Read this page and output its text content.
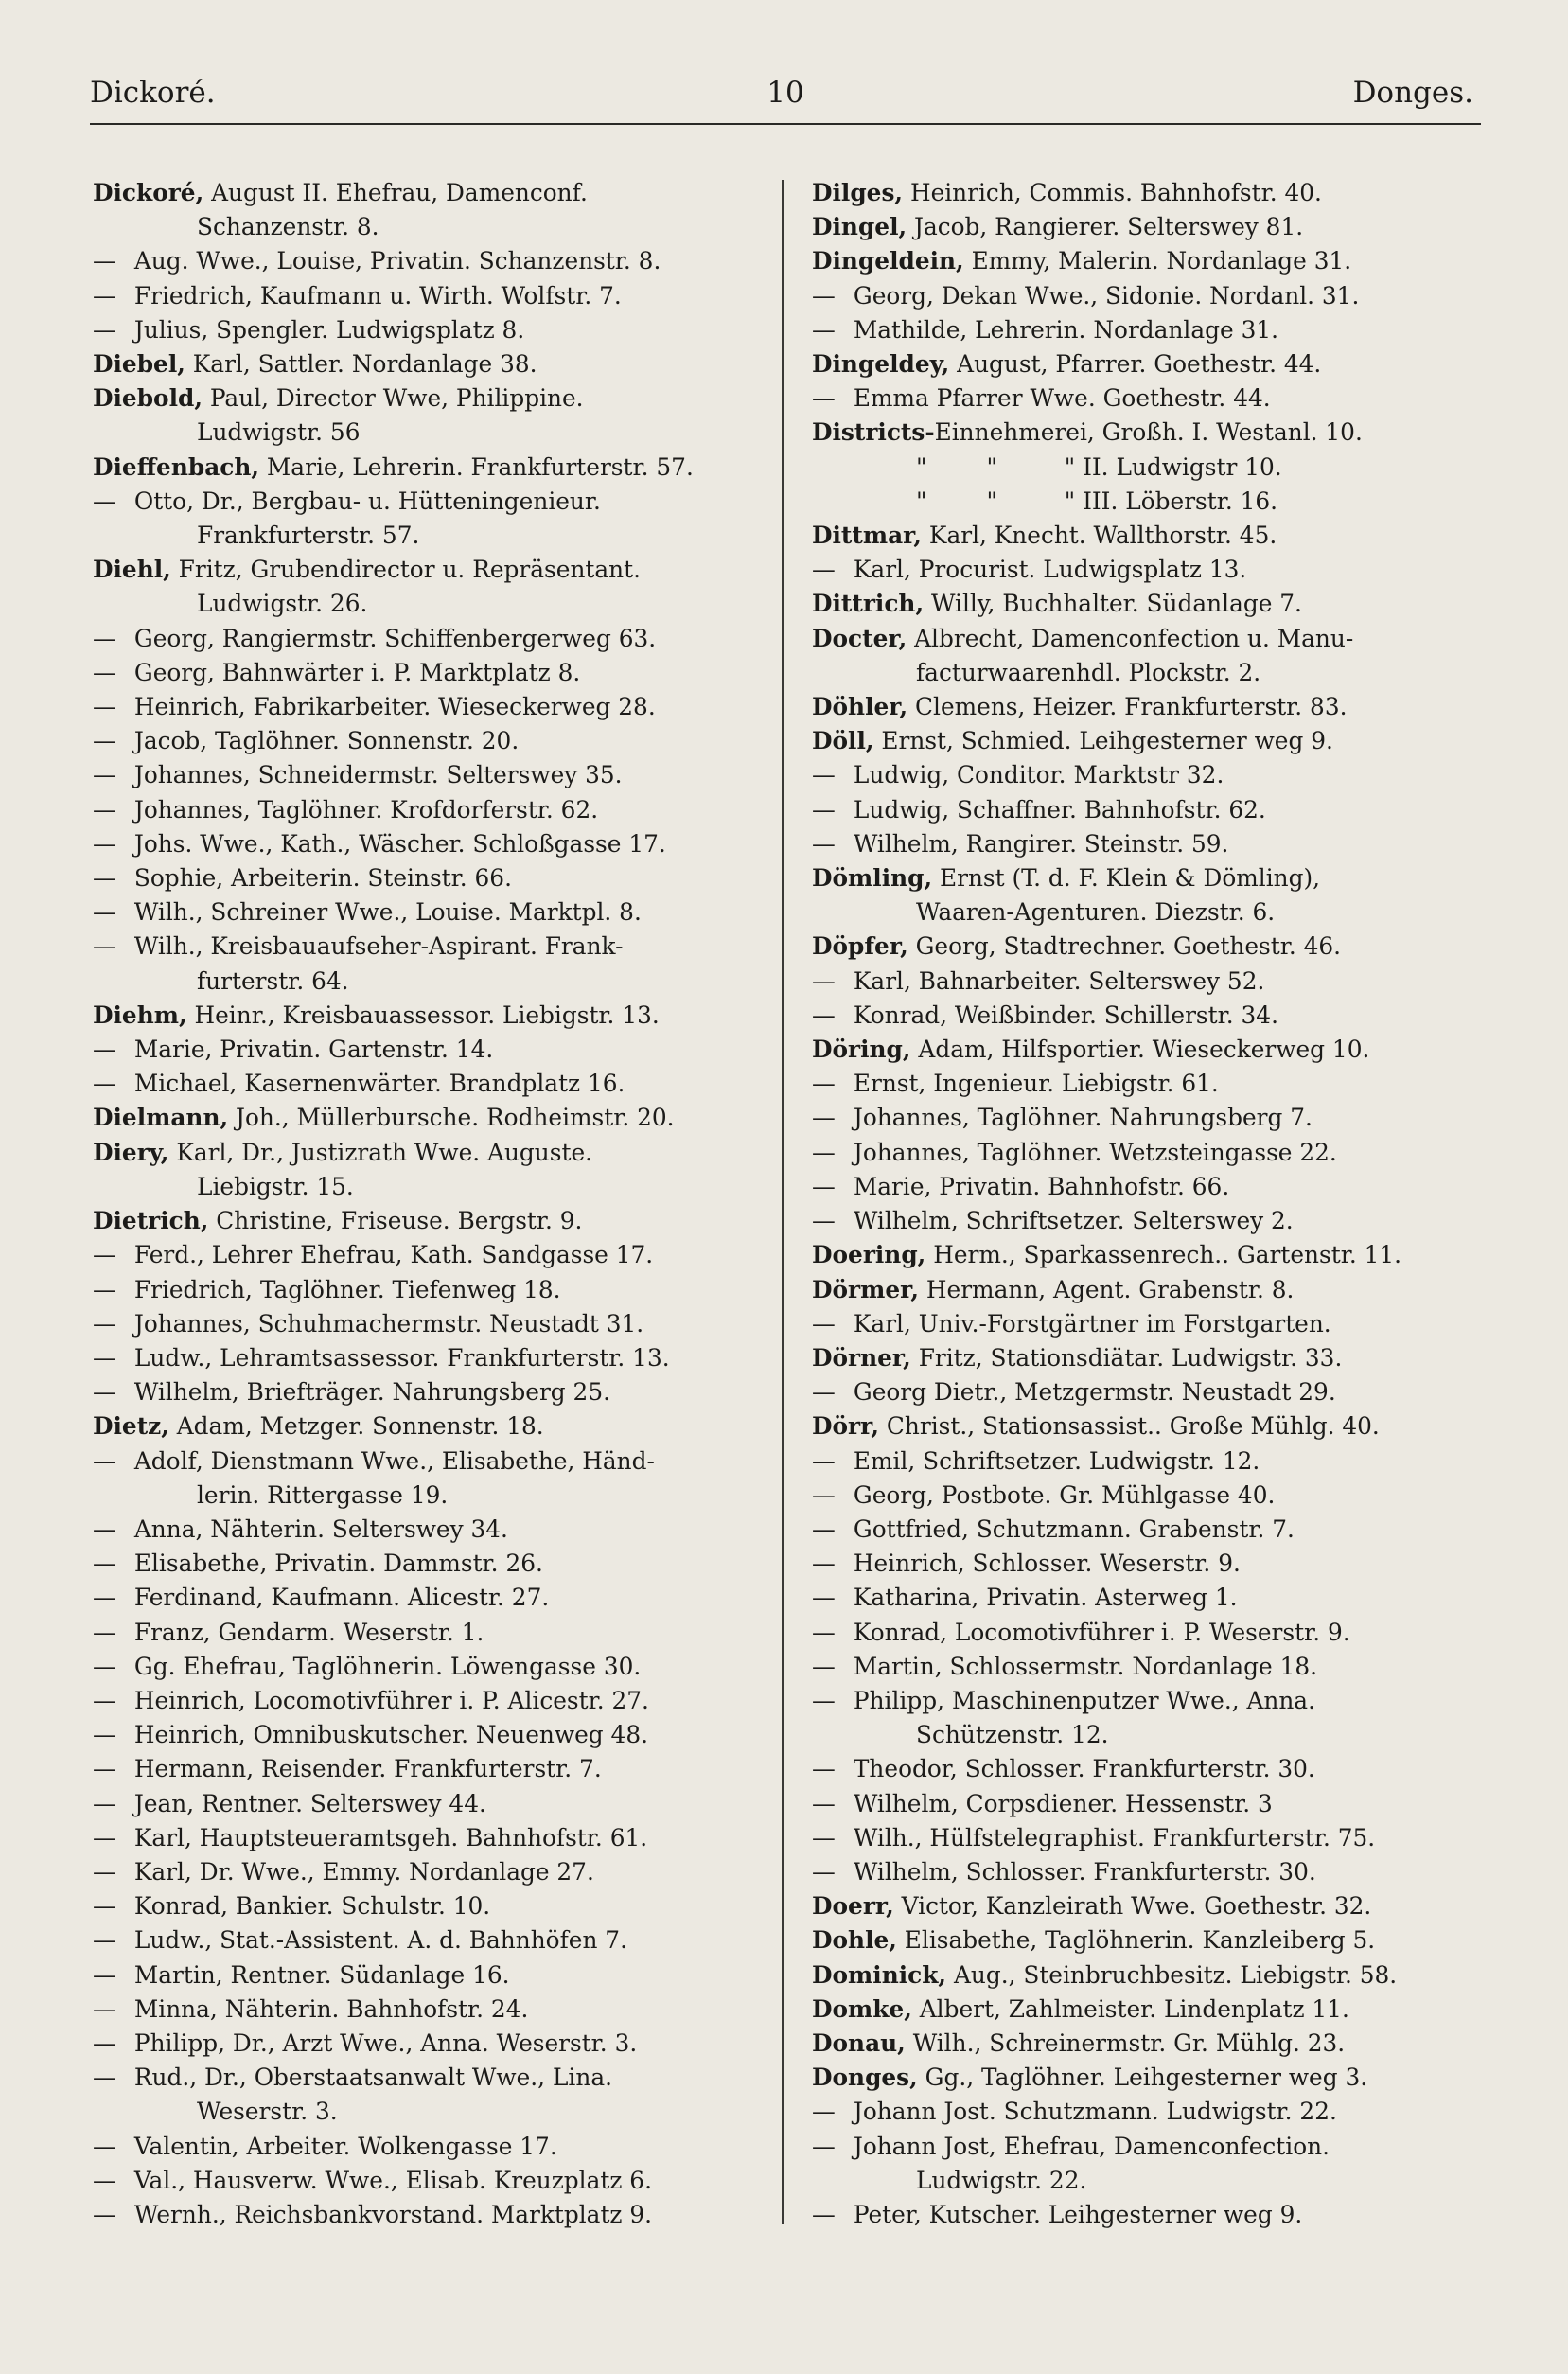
Dickoré.	10	Donges.
Dickoré, August II. Ehefrau, Damenconf.
Schanzenstr. 8.
— Aug. Wwe., Louise, Privatin. Schanzenstr. 8.
— Friedrich, Kaufmann u. Wirth. Wolfstr. 7.
— Julius, Spengler. Ludwigsplatz 8.
Diebel, Karl, Sattler. Nordanlage 38.
Diebold, Paul, Director Wwe, Philippine.
Ludwigstr. 56
Dieffenbach, Marie, Lehrerin. Frankfurterstr. 57.
— Otto, Dr., Bergbau- u. Hütteningenieur.
Frankfurterstr. 57.
Diehl, Fritz, Grubendirector u. Repräsentant.
Ludwigstr. 26.
— Georg, Rangiermstr. Schiffenbergerweg 63.
— Georg, Bahnwärter i. P. Marktplatz 8.
— Heinrich, Fabrikarbeiter. Wieseckerweg 28.
— Jacob, Taglöhner. Sonnenstr. 20.
— Johannes, Schneidermstr. Selterswey 35.
— Johannes, Taglöhner. Krofdorferstr. 62.
— Johs. Wwe., Kath., Wäscher. Schloßgasse 17.
— Sophie, Arbeiterin. Steinstr. 66.
— Wilh., Schreiner Wwe., Louise. Marktpl. 8.
— Wilh., Kreisbauaufseher-Aspirant. Frank-
furterstr. 64.
Diehm, Heinr., Kreisbauassessor. Liebigstr. 13.
— Marie, Privatin. Gartenstr. 14.
— Michael, Kasernenwärter. Brandplatz 16.
Dielmann, Joh., Müllerbursche. Rodheimstr. 20.
Diery, Karl, Dr., Justizrath Wwe. Auguste.
Liebigstr. 15.
Dietrich, Christine, Friseuse. Bergstr. 9.
— Ferd., Lehrer Ehefrau, Kath. Sandgasse 17.
— Friedrich, Taglöhner. Tiefenweg 18.
— Johannes, Schuhmachermstr. Neustadt 31.
— Ludw., Lehramtsassessor. Frankfurterstr. 13.
— Wilhelm, Briefträger. Nahrungsberg 25.
Dietz, Adam, Metzger. Sonnenstr. 18.
— Adolf, Dienstmann Wwe., Elisabethe, Händ-
lerin. Rittergasse 19.
— Anna, Nähterin. Selterswey 34.
— Elisabethe, Privatin. Dammstr. 26.
— Ferdinand, Kaufmann. Alicestr. 27.
— Franz, Gendarm. Weserstr. 1.
— Gg. Ehefrau, Taglöhnerin. Löwengasse 30.
— Heinrich, Locomotivführer i. P. Alicestr. 27.
— Heinrich, Omnibuskutscher. Neuenweg 48.
— Hermann, Reisender. Frankfurterstr. 7.
— Jean, Rentner. Selterswey 44.
— Karl, Hauptsteueramtsgeh. Bahnhofstr. 61.
— Karl, Dr. Wwe., Emmy. Nordanlage 27.
— Konrad, Bankier. Schulstr. 10.
— Ludw., Stat.-Assistent. A. d. Bahnhöfen 7.
— Martin, Rentner. Südanlage 16.
— Minna, Nähterin. Bahnhofstr. 24.
— Philipp, Dr., Arzt Wwe., Anna. Weserstr. 3.
— Rud., Dr., Oberstaatsanwalt Wwe., Lina.
Weserstr. 3.
— Valentin, Arbeiter. Wolkengasse 17.
— Val., Hausverw. Wwe., Elisab. Kreuzplatz 6.
— Wernh., Reichsbankvorstand. Marktplatz 9.
Dilges, Heinrich, Commis. Bahnhofstr. 40.
Dingel, Jacob, Rangierer. Selterswey 81.
Dingeldein, Emmy, Malerin. Nordanlage 31.
— Georg, Dekan Wwe., Sidonie. Nordanl. 31.
— Mathilde, Lehrerin. Nordanlage 31.
Dingeldey, August, Pfarrer. Goethestr. 44.
— Emma Pfarrer Wwe. Goethestr. 44.
Districts-Einnehmerei, Großh. I. Westanl. 10.
"        "         " II. Ludwigstr 10.
"        "         " III. Löberstr. 16.
Dittmar, Karl, Knecht. Wallthorstr. 45.
— Karl, Procurist. Ludwigsplatz 13.
Dittrich, Willy, Buchhalter. Südanlage 7.
Docter, Albrecht, Damenconfection u. Manu-
facturwaarenhdl. Plockstr. 2.
Döhler, Clemens, Heizer. Frankfurterstr. 83.
Döll, Ernst, Schmied. Leihgesterner weg 9.
— Ludwig, Conditor. Marktstr 32.
— Ludwig, Schaffner. Bahnhofstr. 62.
— Wilhelm, Rangirer. Steinstr. 59.
Dömling, Ernst (T. d. F. Klein & Dömling),
Waaren-Agenturen. Diezstr. 6.
Döpfer, Georg, Stadtrechner. Goethestr. 46.
— Karl, Bahnarbeiter. Selterswey 52.
— Konrad, Weißbinder. Schillerstr. 34.
Döring, Adam, Hilfsportier. Wieseckerweg 10.
— Ernst, Ingenieur. Liebigstr. 61.
— Johannes, Taglöhner. Nahrungsberg 7.
— Johannes, Taglöhner. Wetzsteingasse 22.
— Marie, Privatin. Bahnhofstr. 66.
— Wilhelm, Schriftsetzer. Selterswey 2.
Doering, Herm., Sparkassenrech.. Gartenstr. 11.
Dörmer, Hermann, Agent. Grabenstr. 8.
— Karl, Univ.-Forstgärtner im Forstgarten.
Dörner, Fritz, Stationsdiätar. Ludwigstr. 33.
— Georg Dietr., Metzgermstr. Neustadt 29.
Dörr, Christ., Stationsassist.. Große Mühlg. 40.
— Emil, Schriftsetzer. Ludwigstr. 12.
— Georg, Postbote. Gr. Mühlgasse 40.
— Gottfried, Schutzmann. Grabenstr. 7.
— Heinrich, Schlosser. Weserstr. 9.
— Katharina, Privatin. Asterweg 1.
— Konrad, Locomotivführer i. P. Weserstr. 9.
— Martin, Schlossermstr. Nordanlage 18.
— Philipp, Maschinenputzer Wwe., Anna.
Schützenstr. 12.
— Theodor, Schlosser. Frankfurterstr. 30.
— Wilhelm, Corpsdiener. Hessenstr. 3
— Wilh., Hülfstelegraphist. Frankfurterstr. 75.
— Wilhelm, Schlosser. Frankfurterstr. 30.
Doerr, Victor, Kanzleirath Wwe. Goethestr. 32.
Dohle, Elisabethe, Taglöhnerin. Kanzleiberg 5.
Dominick, Aug., Steinbruchbesitz. Liebigstr. 58.
Domke, Albert, Zahlmeister. Lindenplatz 11.
Donau, Wilh., Schreinermstr. Gr. Mühlg. 23.
Donges, Gg., Taglöhner. Leihgesterner weg 3.
— Johann Jost. Schutzmann. Ludwigstr. 22.
— Johann Jost, Ehefrau, Damenconfection.
Ludwigstr. 22.
— Peter, Kutscher. Leihgesterner weg 9.
